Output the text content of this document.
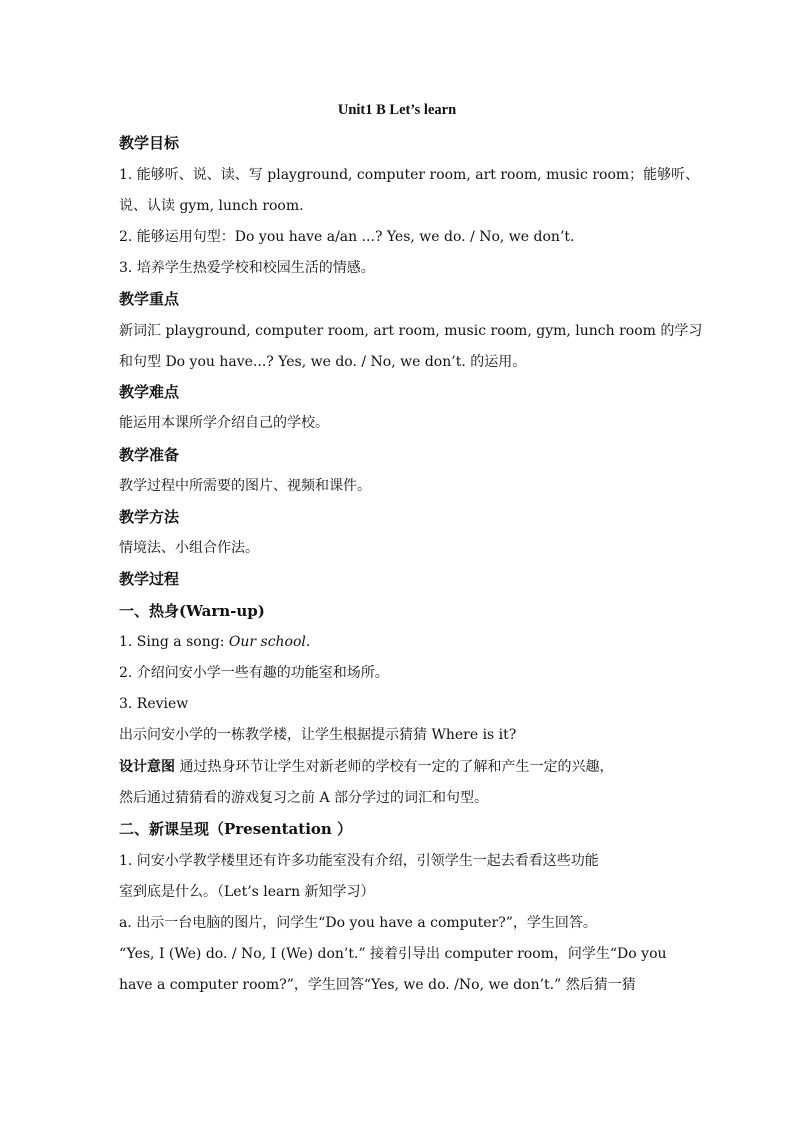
Unit1 B Let’s learn
教学目标
1. 能够听、说、读、写 playground, computer room, art room, music room；能够听、
说、认读 gym, lunch room.
2. 能够运用句型：Do you have a/an ...? Yes, we do. / No, we don’t.
3. 培养学生热爱学校和校园生活的情感。
教学重点
新词汇 playground, computer room, art room, music room, gym, lunch room 的学习
和句型 Do you have...? Yes, we do. / No, we don’t. 的运用。
教学难点
能运用本课所学介绍自己的学校。
教学准备
教学过程中所需要的图片、视频和课件。
教学方法
情境法、小组合作法。
教学过程
一、热身(Warn-up)
1. Sing a song: Our school.
2. 介绍问安小学一些有趣的功能室和场所。
3. Review
出示问安小学的一栋教学楼，让学生根据提示猜猜 Where is it?
设计意图 通过热身环节让学生对新老师的学校有一定的了解和产生一定的兴趣，
然后通过猜猜看的游戏复习之前 A 部分学过的词汇和句型。
二、新课呈现（Presentation ）
1. 问安小学教学楼里还有许多功能室没有介绍，引领学生一起去看看这些功能
室到底是什么。（Let’s learn 新知学习）
a. 出示一台电脑的图片，问学生“Do you have a computer?”，学生回答。
“Yes, I (We) do. / No, I (We) don’t.” 接着引导出 computer room，问学生“Do you
have a computer room?”，学生回答“Yes, we do. /No, we don’t.” 然后猜一猜
